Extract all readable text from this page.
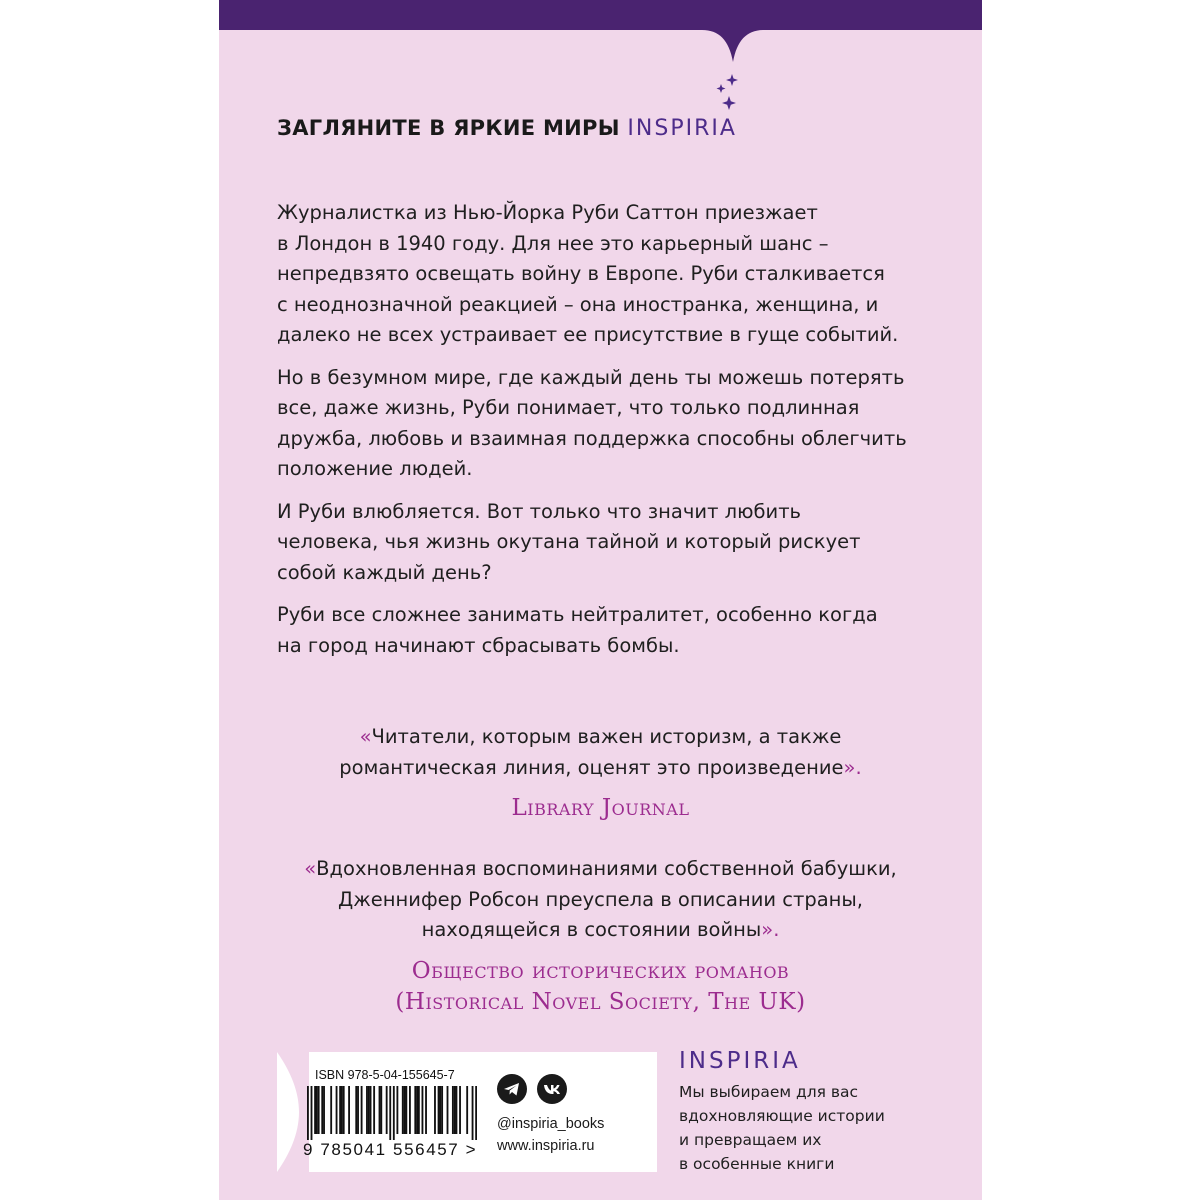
ЗАГЛЯНИТЕ В ЯРКИЕ МИРЫ INSPIRIA

Журналистка из Нью-Йорка Руби Саттон приезжает
в Лондон в 1940 году. Для нее это карьерный шанс –
непредвзято освещать войну в Европе. Руби сталкивается
с неоднозначной реакцией – она иностранка, женщина, и
далеко не всех устраивает ее присутствие в гуще событий.

Но в безумном мире, где каждый день ты можешь потерять
все, даже жизнь, Руби понимает, что только подлинная
дружба, любовь и взаимная поддержка способны облегчить
положение людей.

И Руби влюбляется. Вот только что значит любить
человека, чья жизнь окутана тайной и который рискует
собой каждый день?

Руби все сложнее занимать нейтралитет, особенно когда
на город начинают сбрасывать бомбы.

«Читатели, которым важен историзм, а также
романтическая линия, оценят это произведение».
Library Journal
«Вдохновленная воспоминаниями собственной бабушки,
Дженнифер Робсон преуспела в описании страны,
находящейся в состоянии войны».
Общество исторических романов
(Historical Novel Society, The UK)
ISBN 978-5-04-155645-7
9 785041 556457 >
@inspiria_books
www.inspiria.ru
INSPIRIA
Мы выбираем для вас
вдохновляющие истории
и превращаем их
в особенные книги
